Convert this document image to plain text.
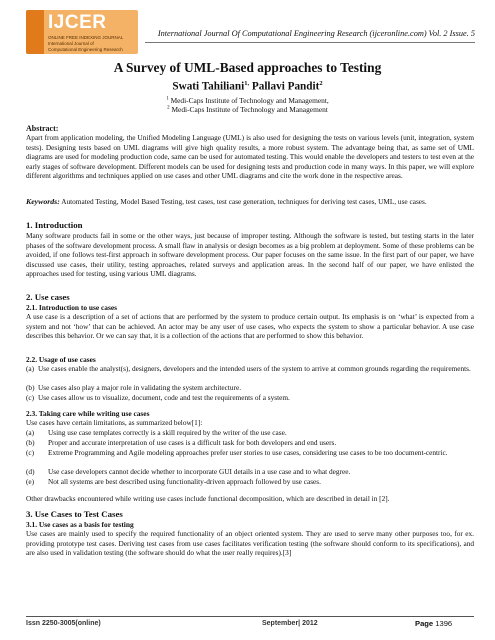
IJCER
ONLINE FREE INDEXING JOURNAL
International Journal of
Computational Engineering Research
International Journal Of Computational Engineering Research (ijceronline.com) Vol. 2 Issue. 5
A Survey of UML-Based approaches to Testing
Swati Tahiliani$^{1,}$ Pallavi Pandit$^2$
$^1$ Medi-Caps Institute of Technology and Management,
$^2$ Medi-Caps Institute of Technology and Management
Abstract:
Apart from application modeling, the Unified Modeling Language (UML) is also used for designing the tests on various levels (unit, integration, system tests). Designing tests based on UML diagrams will give high quality results, a more robust system. The advantage being that, as same set of UML diagrams are used for modeling production code, same can be used for automated testing. This would enable the developers and testers to test even at the early stages of software development. Different models can be used for designing tests and production code in many ways. In this paper, we will explore different algorithms and techniques applied on use cases and other UML diagrams and cite the work done in the respective areas.
Keywords: Automated Testing, Model Based Testing, test cases, test case generation, techniques for deriving test cases, UML, use cases.
1. Introduction
Many software products fail in some or the other ways, just because of improper testing. Although the software is tested, but testing starts in the later phases of the software development process. A small flaw in analysis or design becomes as a big problem at deployment. Some of these problems can be avoided, if one follows test-first approach in software development process. Our paper focuses on the same issue. In the first part of our paper, we have discussed use cases, their utility, testing approaches, related surveys and application areas. In the second half of our paper, we have enlisted the approaches used for testing, using various UML diagrams.
2. Use cases
2.1. Introduction to use cases
A use case is a description of a set of actions that are performed by the system to produce certain output. Its emphasis is on ‘what’ is expected from a system and not ‘how’ that can be achieved. An actor may be any user of use cases, who expects the system to show a particular behavior. A use case describes this behavior. Or we can say that, it is a collection of the actions that are performed to show this behavior.
2.2. Usage of use cases
(a) Use cases enable the analyst(s), designers, developers and the intended users of the system to arrive at common grounds regarding the requirements.
(b) Use cases also play a major role in validating the system architecture.
(c) Use cases allow us to visualize, document, code and test the requirements of a system.
2.3. Taking care while writing use cases
Use cases have certain limitations, as summarized below[1]:
(a) Using use case templates correctly is a skill required by the writer of the use case.
(b) Proper and accurate interpretation of use cases is a difficult task for both developers and end users.
(c) Extreme Programming and Agile modeling approaches prefer user stories to use cases, considering use cases to be too document-centric.
(d) Use case developers cannot decide whether to incorporate GUI details in a use case and to what degree.
(e) Not all systems are best described using functionality-driven approach followed by use cases.
Other drawbacks encountered while writing use cases include functional decomposition, which are described in detail in [2].
3. Use Cases to Test Cases
3.1. Use cases as a basis for testing
Use cases are mainly used to specify the required functionality of an object oriented system. They are used to serve many other purposes too, for ex. providing prototype test cases. Deriving test cases from use cases facilitates verification testing (the software should conform to its specifications), and are also used in validation testing (the software should do what the user really requires).[3]
Issn 2250-3005(online)	September| 2012	Page 1396
